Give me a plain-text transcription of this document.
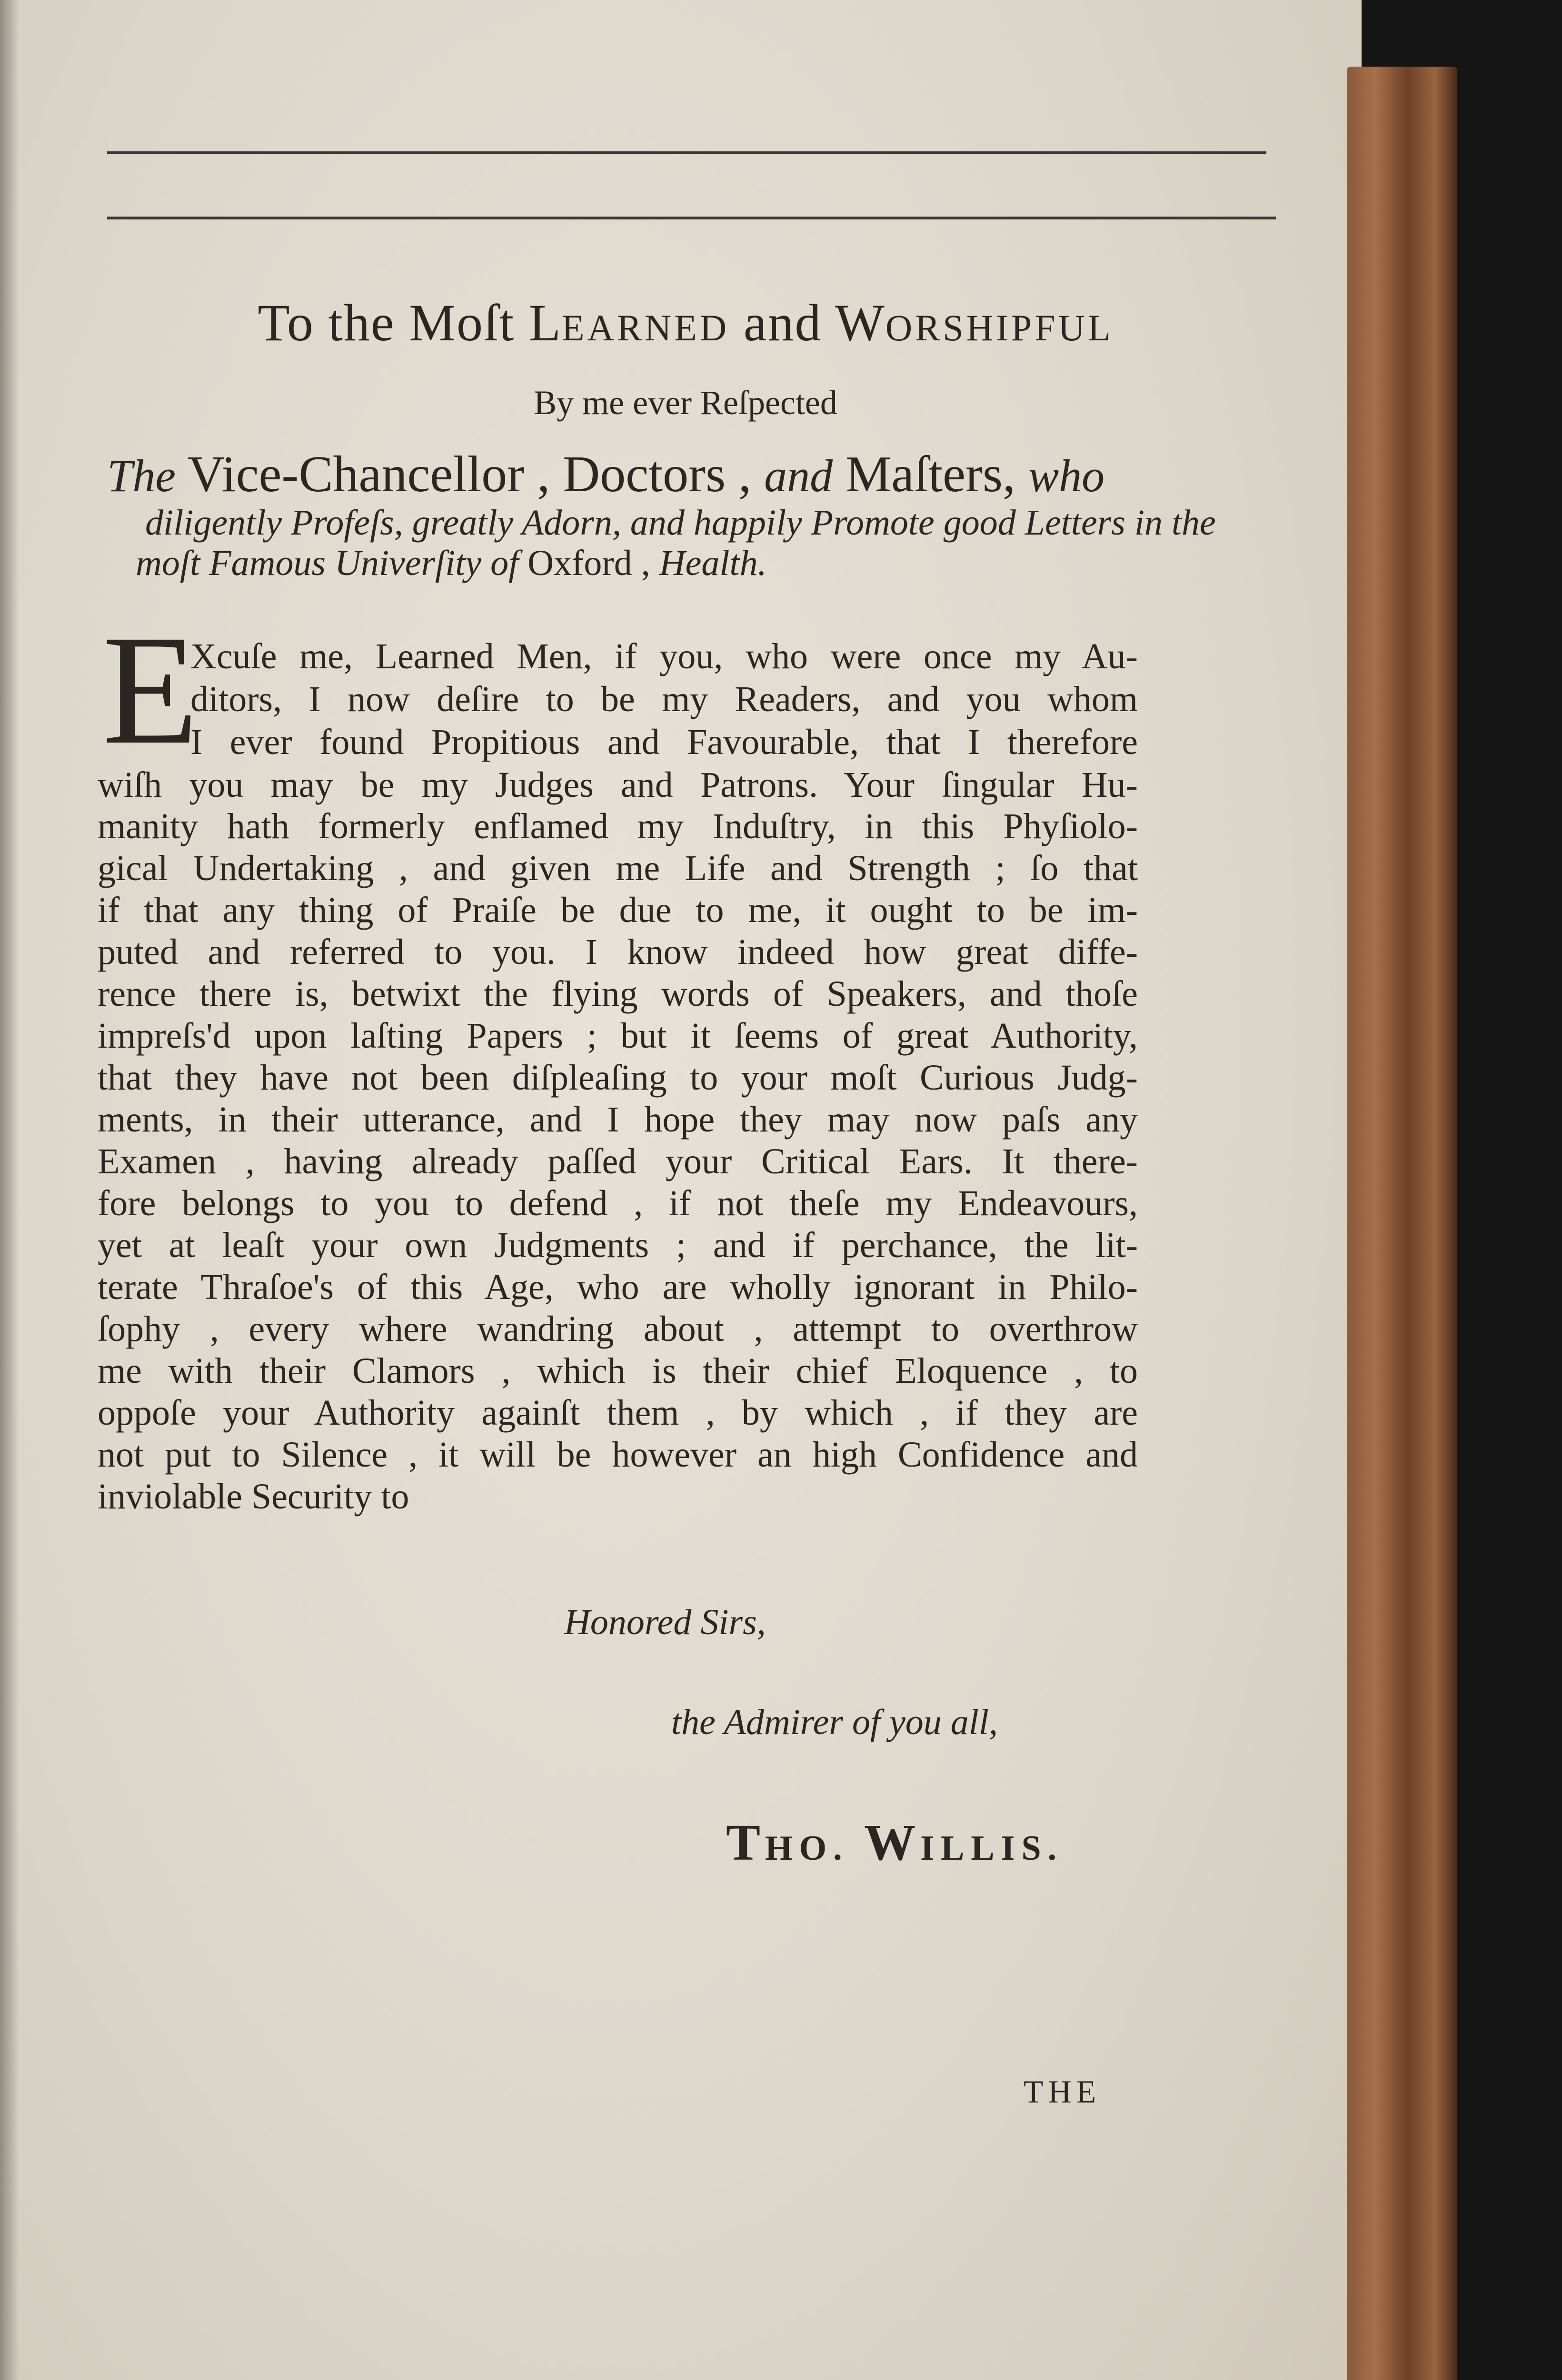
To the Moſt LEARNED and WORSHIPFUL
By me ever Reſpected
The Vice-Chancellor , Doctors , and Maſters, who
diligently Profeſs, greatly Adorn, and happily Promote good Letters in the
moſt Famous Univerſity of Oxford , Health.
E
Xcuſe me, Learned Men, if you, who were once my Au-
ditors, I now deſire to be my Readers, and you whom
I ever found Propitious and Favourable, that I therefore
wiſh you may be my Judges and Patrons. Your ſingular Hu-
manity hath formerly enflamed my Induſtry, in this Phyſiolo-
gical Undertaking , and given me Life and Strength ; ſo that
if that any thing of Praiſe be due to me, it ought to be im-
puted and referred to you. I know indeed how great diffe-
rence there is, betwixt the flying words of Speakers, and thoſe
impreſs'd upon laſting Papers ; but it ſeems of great Authority,
that they have not been diſpleaſing to your moſt Curious Judg-
ments, in their utterance, and I hope they may now paſs any
Examen , having already paſſed your Critical Ears. It there-
fore belongs to you to defend , if not theſe my Endeavours,
yet at leaſt your own Judgments ; and if perchance, the lit-
terate Thraſoe's of this Age, who are wholly ignorant in Philo-
ſophy , every where wandring about , attempt to overthrow
me with their Clamors , which is their chief Eloquence , to
oppoſe your Authority againſt them , by which , if they are
not put to Silence , it will be however an high Confidence and
inviolable Security to
Honored Sirs,
the Admirer of you all,
THO. WILLIS.
THE
